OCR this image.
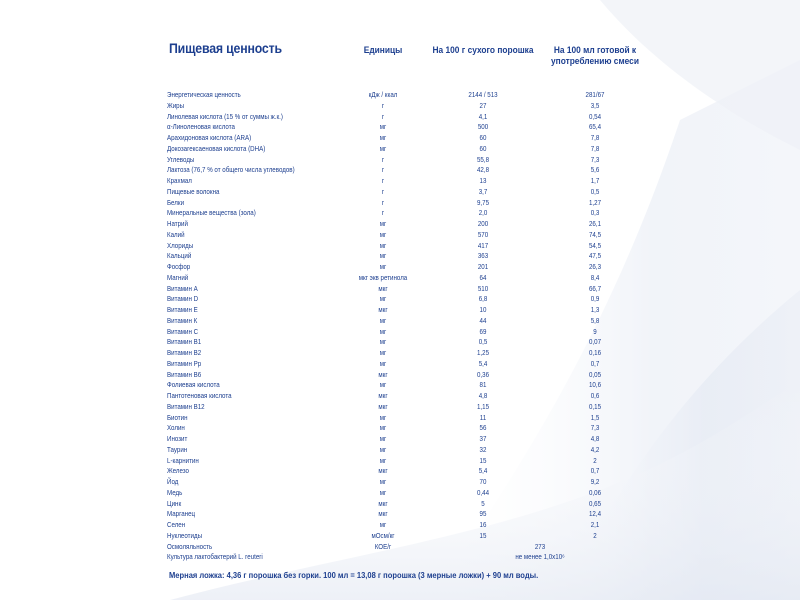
Пищевая ценность	Единицы	На 100 г сухого порошка	На 100 мл готовой к употреблению смеси
Энергетическая ценность	кДж / ккал	2144 / 513	281/67
Жиры	г	27	3,5
Линолевая кислота (15 % от суммы ж.к.)	г	4,1	0,54
α-Линоленовая кислота	мг	500	65,4
Арахидоновая кислота (ARA)	мг	60	7,8
Докозагексаеновая кислота (DHA)	мг	60	7,8
Углеводы	г	55,8	7,3
Лактоза (76,7 % от общего числа углеводов)	г	42,8	5,6
Крахмал	г	13	1,7
Пищевые волокна	г	3,7	0,5
Белки	г	9,75	1,27
Минеральные вещества (зола)	г	2,0	0,3
Натрий	мг	200	26,1
Калий	мг	570	74,5
Хлориды	мг	417	54,5
Кальций	мг	363	47,5
Фосфор	мг	201	26,3
Магний	мкг экв ретинола	64	8,4
Витамин А	мкг	510	66,7
Витамин D	мг	6,8	0,9
Витамин Е	мкг	10	1,3
Витамин К	мг	44	5,8
Витамин С	мг	69	9
Витамин В1	мг	0,5	0,07
Витамин В2	мг	1,25	0,16
Витамин Рр	мг	5,4	0,7
Витамин В6	мкг	0,36	0,05
Фолиевая кислота	мг	81	10,6
Пантотеновая кислота	мкг	4,8	0,6
Витамин В12	мкг	1,15	0,15
Биотин	мг	11	1,5
Холин	мг	56	7,3
Инозит	мг	37	4,8
Таурин	мг	32	4,2
L-карнитин	мг	15	2
Железо	мкг	5,4	0,7
Йод	мг	70	9,2
Медь	мг	0,44	0,06
Цинк	мкг	5	0,65
Марганец	мкг	95	12,4
Селен	мг	16	2,1
Нуклеотиды	мОсм/кг	15	2
Осмоляльность	КОЕ/г	273
Культура лактобактерий L. reuteri	не менее 1,0x10⁶
Мерная ложка: 4,36 г порошка без горки. 100 мл = 13,08 г порошка (3 мерные ложки) + 90 мл воды.
